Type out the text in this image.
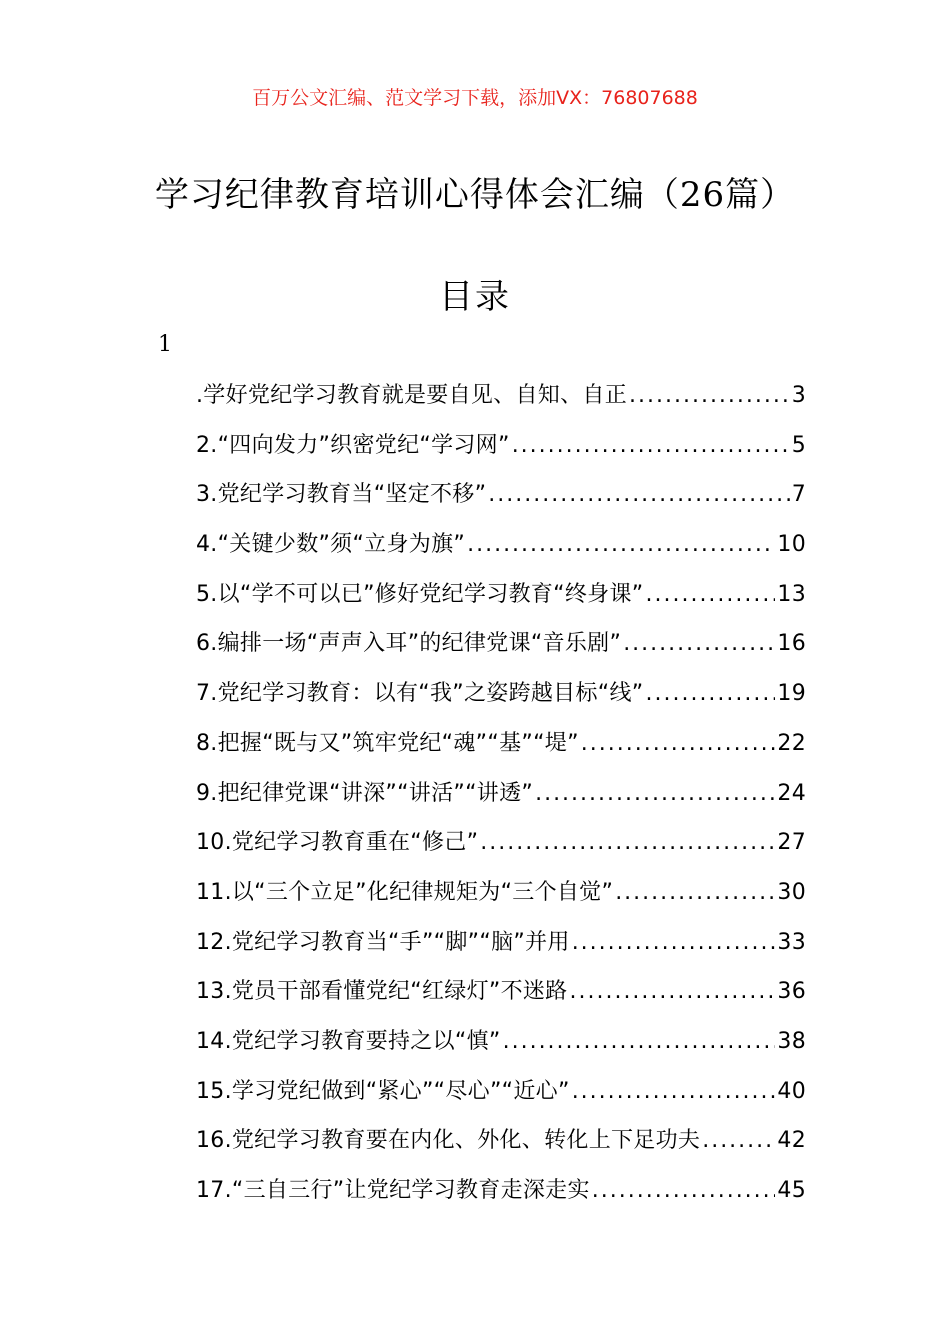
百万公文汇编、范文学习下载，添加VX：76807688
学习纪律教育培训心得体会汇编（26篇）
目录
1
.学好党纪学习教育就是要自见、自知、自正 .....	3
2.“四向发力”织密党纪“学习网” .....	5
3.党纪学习教育当“坚定不移” .....	7
4.“关键少数”须“立身为旗” .....	10
5.以“学不可以已”修好党纪学习教育“终身课” .....	13
6.编排一场“声声入耳”的纪律党课“音乐剧” .....	16
7.党纪学习教育：以有“我”之姿跨越目标“线” .....	19
8.把握“既与又”筑牢党纪“魂”“基”“堤” .....	22
9.把纪律党课“讲深”“讲活”“讲透” .....	24
10.党纪学习教育重在“修己” .....	27
11.以“三个立足”化纪律规矩为“三个自觉” .....	30
12.党纪学习教育当“手”“脚”“脑”并用 .....	33
13.党员干部看懂党纪“红绿灯”不迷路 .....	36
14.党纪学习教育要持之以“慎” .....	38
15.学习党纪做到“紧心”“尽心”“近心” .....	40
16.党纪学习教育要在内化、外化、转化上下足功夫 .....	42
17.“三自三行”让党纪学习教育走深走实 .....	45
